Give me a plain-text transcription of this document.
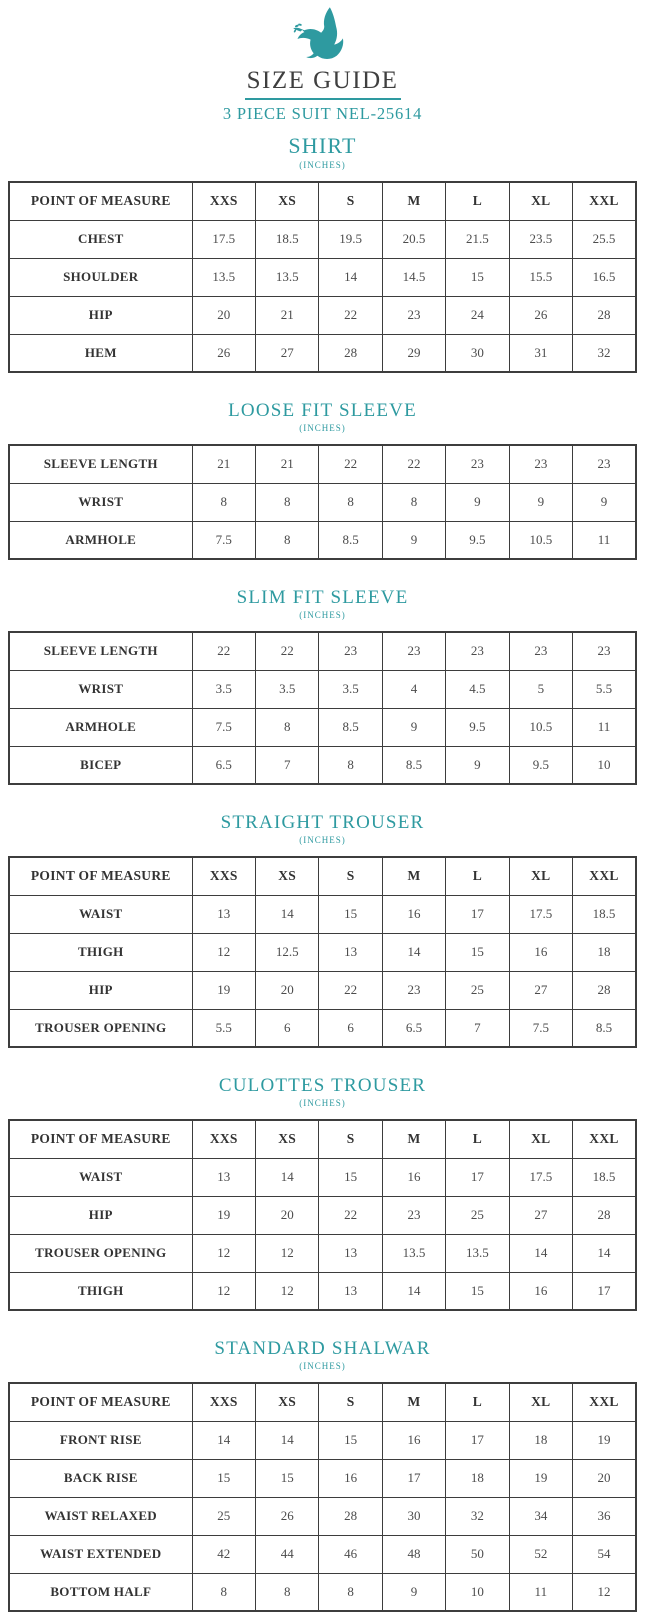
SIZE GUIDE
3 PIECE SUIT NEL-25614
SHIRT
(INCHES)
POINT OF MEASURE	XXS	XS	S	M	L	XL	XXL
CHEST	17.5	18.5	19.5	20.5	21.5	23.5	25.5
SHOULDER	13.5	13.5	14	14.5	15	15.5	16.5
HIP	20	21	22	23	24	26	28
HEM	26	27	28	29	30	31	32
LOOSE FIT SLEEVE
(INCHES)
SLEEVE LENGTH	21	21	22	22	23	23	23
WRIST	8	8	8	8	9	9	9
ARMHOLE	7.5	8	8.5	9	9.5	10.5	11
SLIM FIT SLEEVE
(INCHES)
SLEEVE LENGTH	22	22	23	23	23	23	23
WRIST	3.5	3.5	3.5	4	4.5	5	5.5
ARMHOLE	7.5	8	8.5	9	9.5	10.5	11
BICEP	6.5	7	8	8.5	9	9.5	10
STRAIGHT TROUSER
(INCHES)
POINT OF MEASURE	XXS	XS	S	M	L	XL	XXL
WAIST	13	14	15	16	17	17.5	18.5
THIGH	12	12.5	13	14	15	16	18
HIP	19	20	22	23	25	27	28
TROUSER OPENING	5.5	6	6	6.5	7	7.5	8.5
CULOTTES TROUSER
(INCHES)
POINT OF MEASURE	XXS	XS	S	M	L	XL	XXL
WAIST	13	14	15	16	17	17.5	18.5
HIP	19	20	22	23	25	27	28
TROUSER OPENING	12	12	13	13.5	13.5	14	14
THIGH	12	12	13	14	15	16	17
STANDARD SHALWAR
(INCHES)
POINT OF MEASURE	XXS	XS	S	M	L	XL	XXL
FRONT RISE	14	14	15	16	17	18	19
BACK RISE	15	15	16	17	18	19	20
WAIST RELAXED	25	26	28	30	32	34	36
WAIST EXTENDED	42	44	46	48	50	52	54
BOTTOM HALF	8	8	8	9	10	11	12
